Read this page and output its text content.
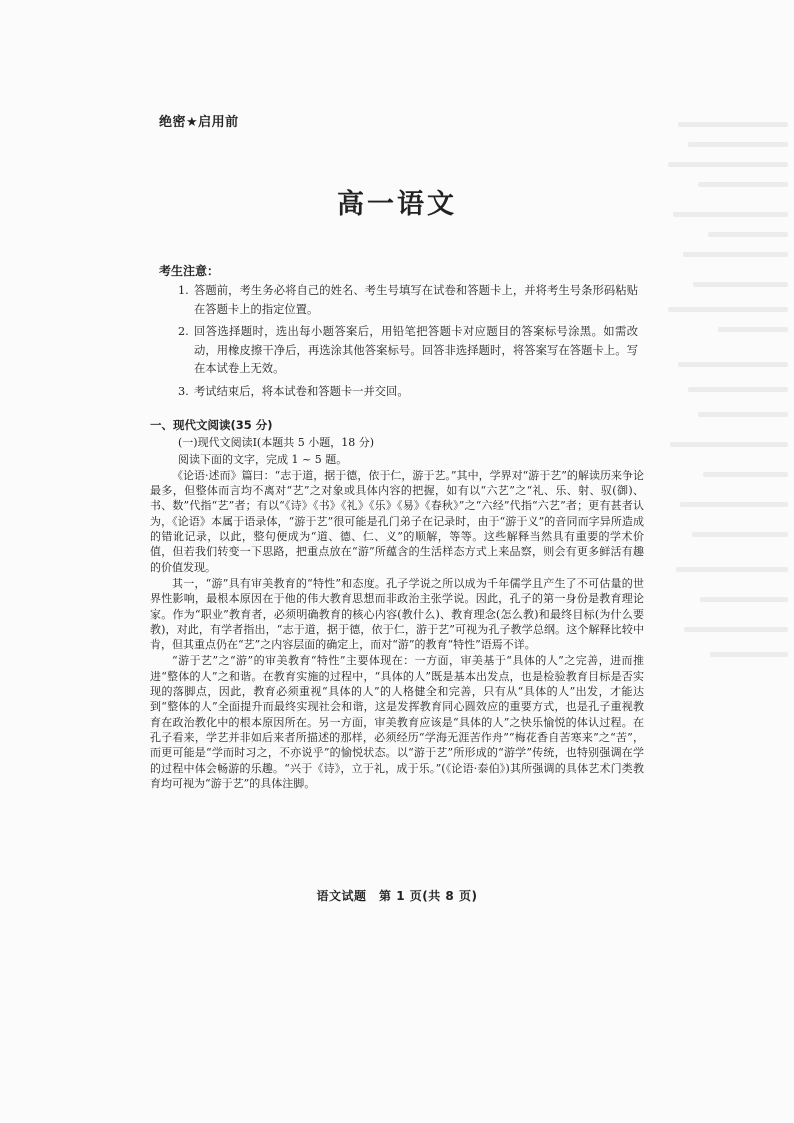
绝密★启用前
高一语文
考生注意：
1. 答题前，考生务必将自己的姓名、考生号填写在试卷和答题卡上，并将考生号条形码粘贴在答题卡上的指定位置。
2. 回答选择题时，选出每小题答案后，用铅笔把答题卡对应题目的答案标号涂黑。如需改动，用橡皮擦干净后，再选涂其他答案标号。回答非选择题时，将答案写在答题卡上。写在本试卷上无效。
3. 考试结束后，将本试卷和答题卡一并交回。
一、现代文阅读(35 分)
(一)现代文阅读Ⅰ(本题共 5 小题，18 分)
阅读下面的文字，完成 1 ~ 5 题。

《论语·述而》篇曰：“志于道，据于德，依于仁，游于艺。”其中，学界对“游于艺”的解读历来争论最多，但整体而言均不离对“艺”之对象或具体内容的把握，如有以“六艺”之“礼、乐、射、驭(御)、书、数”代指“艺”者；有以“《诗》《书》《礼》《乐》《易》《春秋》”之“六经”代指“六艺”者；更有甚者认为，《论语》本属于语录体，“游于艺”很可能是孔门弟子在记录时，由于“游于义”的音同而字异所造成的错讹记录，以此，整句便成为“道、德、仁、义”的顺解，等等。这些解释当然具有重要的学术价值，但若我们转变一下思路，把重点放在“游”所蕴含的生活样态方式上来品察，则会有更多鲜活有趣的价值发现。

其一，“游”具有审美教育的“特性”和态度。孔子学说之所以成为千年儒学且产生了不可估量的世界性影响，最根本原因在于他的伟大教育思想而非政治主张学说。因此，孔子的第一身份是教育理论家。作为“职业”教育者，必须明确教育的核心内容(教什么)、教育理念(怎么教)和最终目标(为什么要教)，对此，有学者指出，“志于道，据于德，依于仁，游于艺”可视为孔子教学总纲。这个解释比较中肯，但其重点仍在“艺”之内容层面的确定上，而对“游”的教育“特性”语焉不详。

“游于艺”之“游”的审美教育“特性”主要体现在：一方面，审美基于“具体的人”之完善，进而推进“整体的人”之和谐。在教育实施的过程中，“具体的人”既是基本出发点，也是检验教育目标是否实现的落脚点，因此，教育必须重视“具体的人”的人格健全和完善，只有从“具体的人”出发，才能达到“整体的人”全面提升而最终实现社会和谐，这是发挥教育同心圆效应的重要方式，也是孔子重视教育在政治教化中的根本原因所在。另一方面，审美教育应该是“具体的人”之快乐愉悦的体认过程。在孔子看来，学艺并非如后来者所描述的那样，必须经历“学海无涯苦作舟”“梅花香自苦寒来”之“苦”，而更可能是“学而时习之，不亦说乎”的愉悦状态。以“游于艺”所形成的“游学”传统，也特别强调在学的过程中体会畅游的乐趣。“兴于《诗》，立于礼，成于乐。”(《论语·泰伯》)其所强调的具体艺术门类教育均可视为“游于艺”的具体注脚。

语文试题　第 1 页(共 8 页)
